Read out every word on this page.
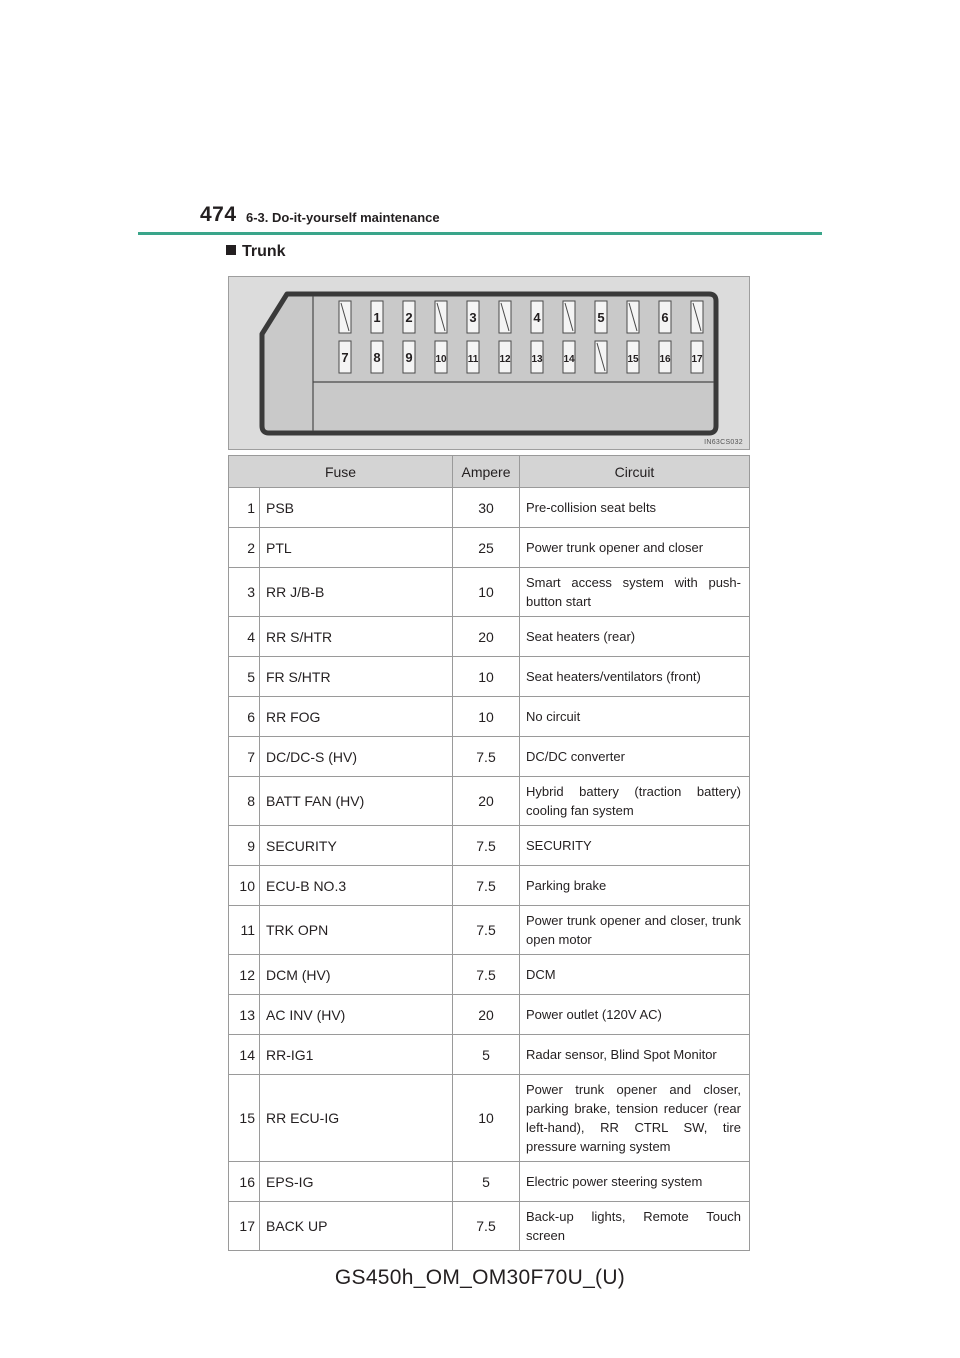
474 6-3. Do-it-yourself maintenance
Trunk
7
1
8
2
9 10
3
11 12
4
13 14
5
15
6
16 17
IN63CS032
Fuse		Ampere	Circuit
1	PSB	30	Pre-collision seat belts
2	PTL	25	Power trunk opener and closer
3	RR J/B-B	10	Smart access system with push-button start
4	RR S/HTR	20	Seat heaters (rear)
5	FR S/HTR	10	Seat heaters/ventilators (front)
6	RR FOG	10	No circuit
7	DC/DC-S (HV)	7.5	DC/DC converter
8	BATT FAN (HV)	20	Hybrid battery (traction battery) cooling fan system
9	SECURITY	7.5	SECURITY
10	ECU-B NO.3	7.5	Parking brake
11	TRK OPN	7.5	Power trunk opener and closer, trunk open motor
12	DCM (HV)	7.5	DCM
13	AC INV (HV)	20	Power outlet (120V AC)
14	RR-IG1	5	Radar sensor, Blind Spot Monitor
15	RR ECU-IG	10	Power trunk opener and closer, parking brake, tension reducer (rear left-hand), RR CTRL SW, tire pressure warning system
16	EPS-IG	5	Electric power steering system
17	BACK UP	7.5	Back-up lights, Remote Touch screen
GS450h_OM_OM30F70U_(U)
